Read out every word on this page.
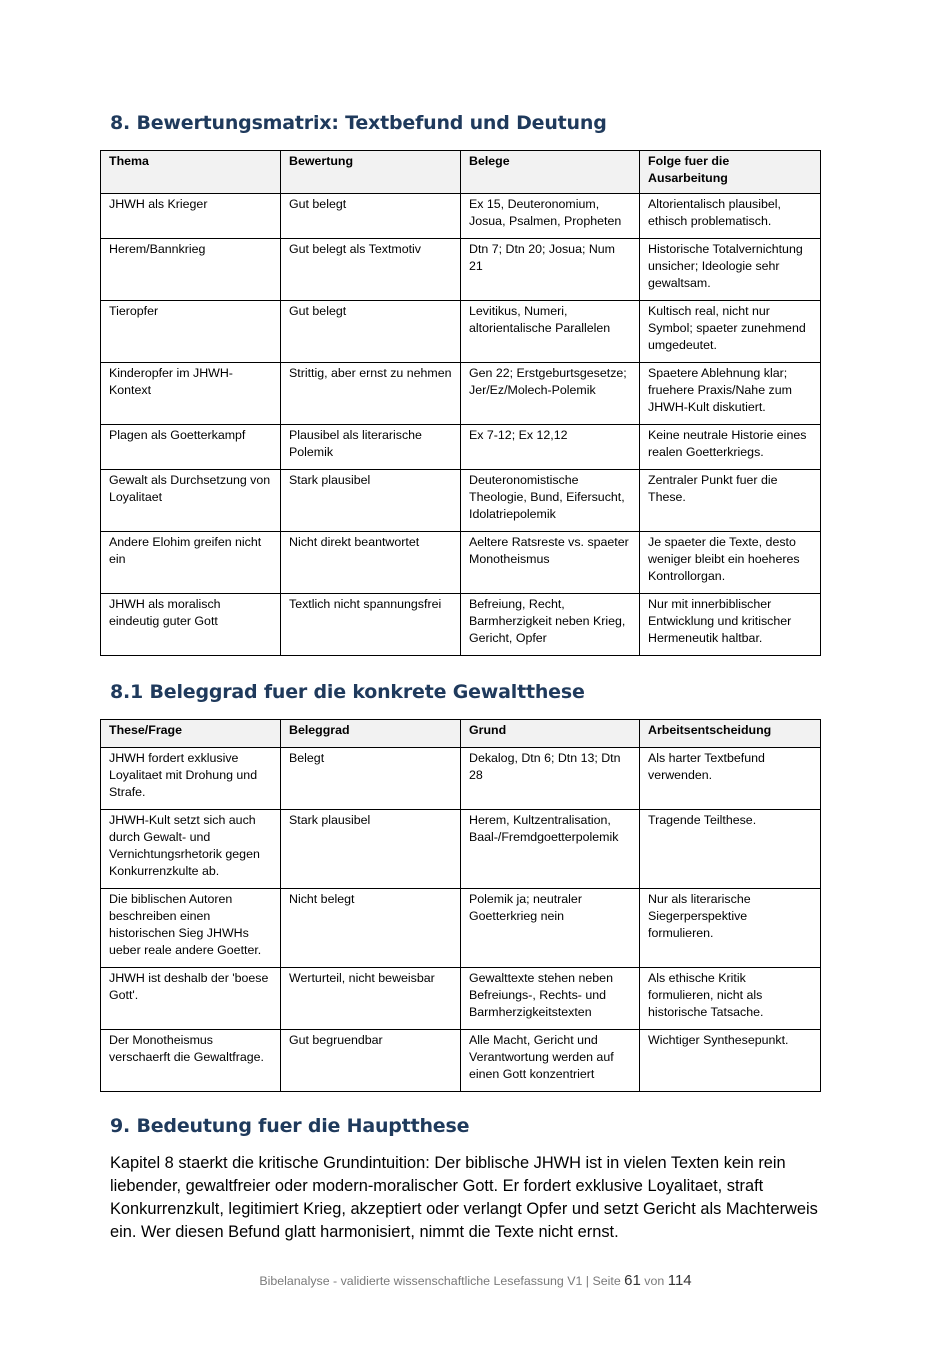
8. Bewertungsmatrix: Textbefund und Deutung
Thema	Bewertung	Belege	Folge fuer die Ausarbeitung
JHWH als Krieger	Gut belegt	Ex 15, Deuteronomium, Josua, Psalmen, Propheten	Altorientalisch plausibel, ethisch problematisch.
Herem/Bannkrieg	Gut belegt als Textmotiv	Dtn 7; Dtn 20; Josua; Num 21	Historische Totalvernichtung unsicher; Ideologie sehr gewaltsam.
Tieropfer	Gut belegt	Levitikus, Numeri, altorientalische Parallelen	Kultisch real, nicht nur Symbol; spaeter zunehmend umgedeutet.
Kinderopfer im JHWH-Kontext	Strittig, aber ernst zu nehmen	Gen 22; Erstgeburtsgesetze; Jer/Ez/Molech-Polemik	Spaetere Ablehnung klar; fruehere Praxis/Nahe zum JHWH-Kult diskutiert.
Plagen als Goetterkampf	Plausibel als literarische Polemik	Ex 7-12; Ex 12,12	Keine neutrale Historie eines realen Goetterkriegs.
Gewalt als Durchsetzung von Loyalitaet	Stark plausibel	Deuteronomistische Theologie, Bund, Eifersucht, Idolatriepolemik	Zentraler Punkt fuer die These.
Andere Elohim greifen nicht ein	Nicht direkt beantwortet	Aeltere Ratsreste vs. spaeter Monotheismus	Je spaeter die Texte, desto weniger bleibt ein hoeheres Kontrollorgan.
JHWH als moralisch eindeutig guter Gott	Textlich nicht spannungsfrei	Befreiung, Recht, Barmherzigkeit neben Krieg, Gericht, Opfer	Nur mit innerbiblischer Entwicklung und kritischer Hermeneutik haltbar.
8.1 Beleggrad fuer die konkrete Gewaltthese
These/Frage	Beleggrad	Grund	Arbeitsentscheidung
JHWH fordert exklusive Loyalitaet mit Drohung und Strafe.	Belegt	Dekalog, Dtn 6; Dtn 13; Dtn 28	Als harter Textbefund verwenden.
JHWH-Kult setzt sich auch durch Gewalt- und Vernichtungsrhetorik gegen Konkurrenzkulte ab.	Stark plausibel	Herem, Kultzentralisation, Baal-/Fremdgoetterpolemik	Tragende Teilthese.
Die biblischen Autoren beschreiben einen historischen Sieg JHWHs ueber reale andere Goetter.	Nicht belegt	Polemik ja; neutraler Goetterkrieg nein	Nur als literarische Siegerperspektive formulieren.
JHWH ist deshalb der 'boese Gott'.	Werturteil, nicht beweisbar	Gewalttexte stehen neben Befreiungs-, Rechts- und Barmherzigkeitstexten	Als ethische Kritik formulieren, nicht als historische Tatsache.
Der Monotheismus verschaerft die Gewaltfrage.	Gut begruendbar	Alle Macht, Gericht und Verantwortung werden auf einen Gott konzentriert	Wichtiger Synthesepunkt.
9. Bedeutung fuer die Hauptthese

Kapitel 8 staerkt die kritische Grundintuition: Der biblische JHWH ist in vielen Texten kein rein liebender, gewaltfreier oder modern-moralischer Gott. Er fordert exklusive Loyalitaet, straft Konkurrenzkult, legitimiert Krieg, akzeptiert oder verlangt Opfer und setzt Gericht als Machterweis ein. Wer diesen Befund glatt harmonisiert, nimmt die Texte nicht ernst.

Bibelanalyse - validierte wissenschaftliche Lesefassung V1 | Seite 61 von 114
